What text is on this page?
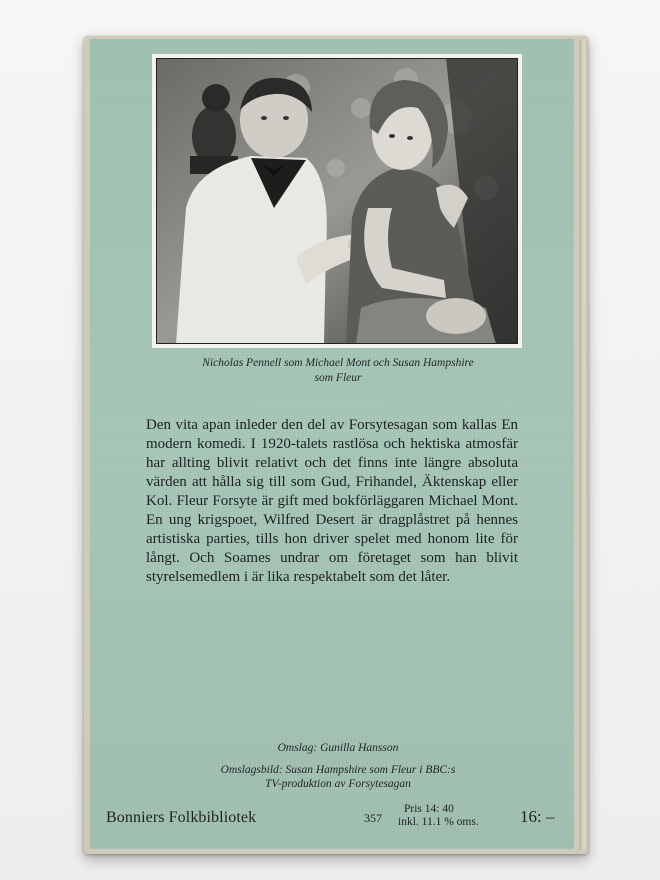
Nicholas Pennell som Michael Mont och Susan Hampshire
som Fleur
Den vita apan inleder den del av Forsytesagan som kallas En modern komedi. I 1920-talets rastlösa och hektiska atmosfär har allting blivit relativt och det finns inte längre absoluta värden att hålla sig till som Gud, Frihandel, Äktenskap eller Kol. Fleur Forsyte är gift med bokförläggaren Michael Mont. En ung krigspoet, Wilfred Desert är dragplåstret på hennes artistiska parties, tills hon driver spelet med honom lite för långt. Och Soames undrar om företaget som han blivit styrelsemedlem i är lika respektabelt som det låter.
Omslag: Gunilla Hansson
Omslagsbild: Susan Hampshire som Fleur i BBC:s
TV-produktion av Forsytesagan
Bonniers Folkbibliotek	357
Pris 14: 40
inkl. 11.1 % oms. 16: –
